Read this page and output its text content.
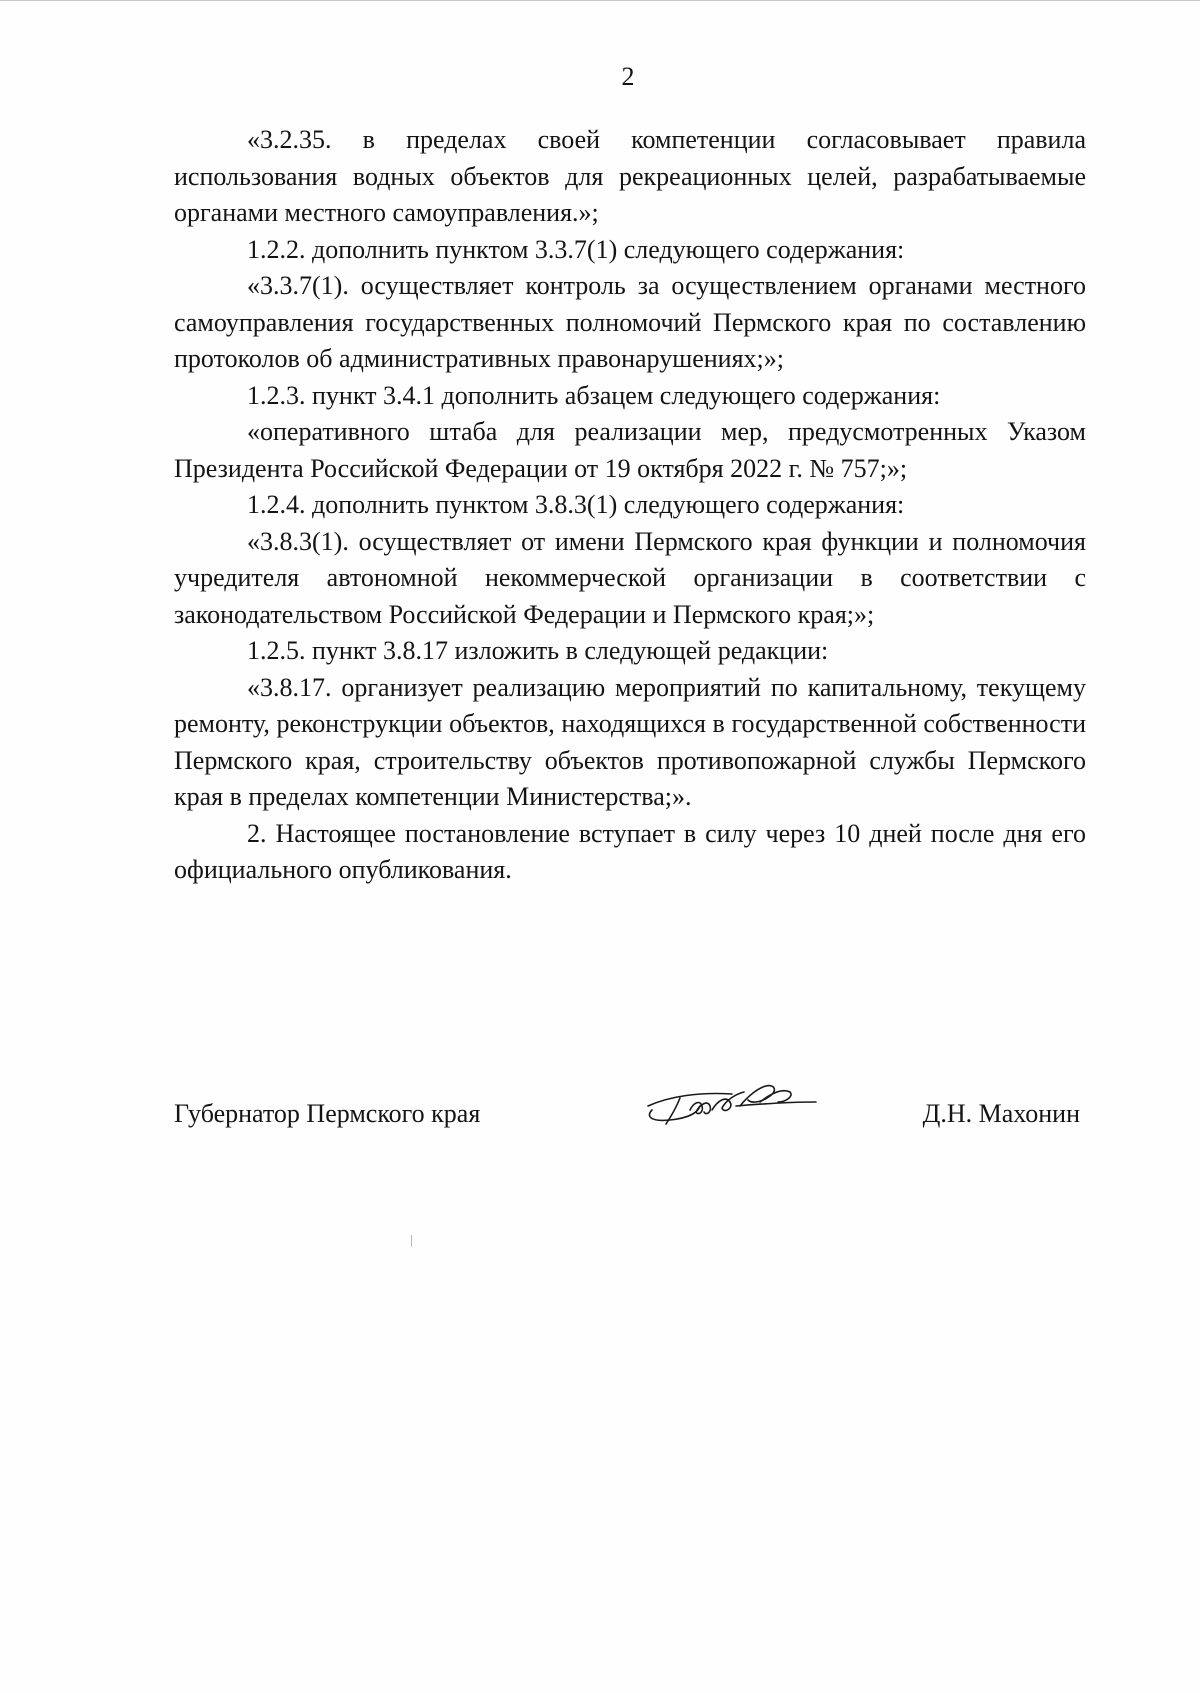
2

«3.2.35. в пределах своей компетенции согласовывает правила использования водных объектов для рекреационных целей, разрабатываемые органами местного самоуправления.»;

1.2.2. дополнить пунктом 3.3.7(1) следующего содержания:

«3.3.7(1). осуществляет контроль за осуществлением органами местного самоуправления государственных полномочий Пермского края по составлению протоколов об административных правонарушениях;»;

1.2.3. пункт 3.4.1 дополнить абзацем следующего содержания:

«оперативного штаба для реализации мер, предусмотренных Указом Президента Российской Федерации от 19 октября 2022 г. № 757;»;

1.2.4. дополнить пунктом 3.8.3(1) следующего содержания:

«3.8.3(1). осуществляет от имени Пермского края функции и полномочия учредителя автономной некоммерческой организации в соответствии с законодательством Российской Федерации и Пермского края;»;

1.2.5. пункт 3.8.17 изложить в следующей редакции:

«3.8.17. организует реализацию мероприятий по капитальному, текущему ремонту, реконструкции объектов, находящихся в государственной собственности Пермского края, строительству объектов противопожарной службы Пермского края в пределах компетенции Министерства;».

2. Настоящее постановление вступает в силу через 10 дней после дня его официального опубликования.

Губернатор Пермского края	Д.Н. Махонин
